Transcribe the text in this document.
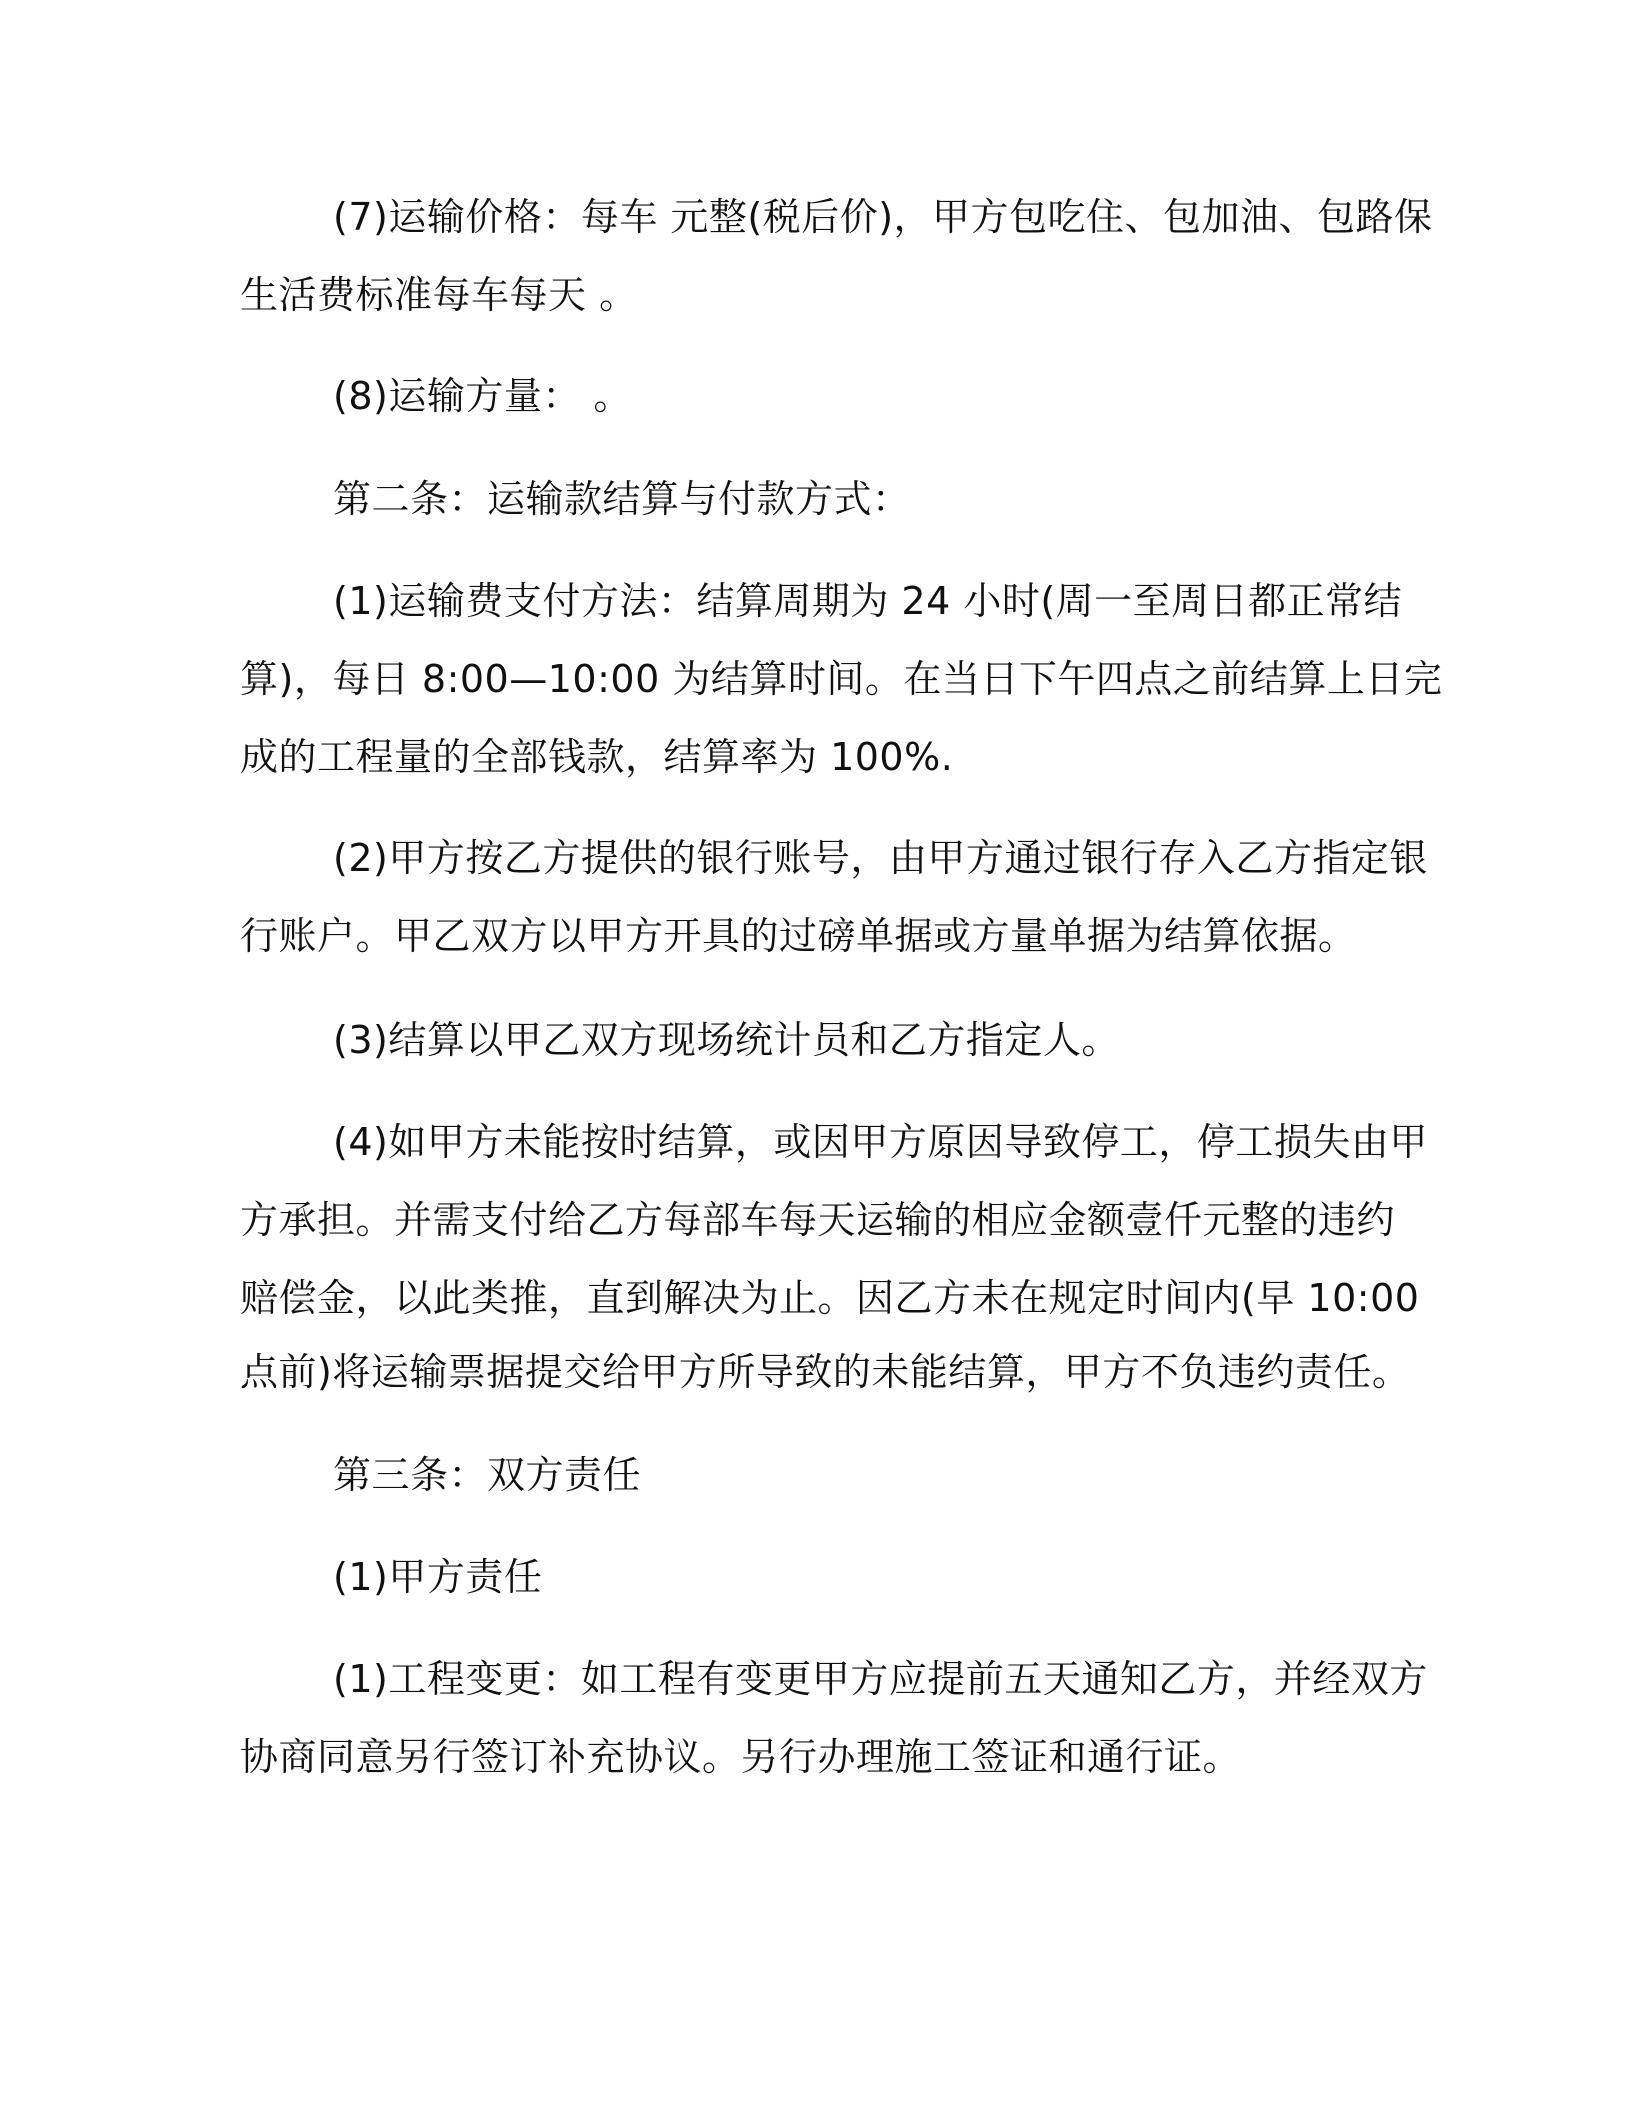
(7)运输价格：每车 元整(税后价)，甲方包吃住、包加油、包路保
生活费标准每车每天 。
(8)运输方量： 。
第二条：运输款结算与付款方式：
(1)运输费支付方法：结算周期为 24 小时(周一至周日都正常结
算)，每日 8:00—10:00 为结算时间。在当日下午四点之前结算上日完
成的工程量的全部钱款，结算率为 100%.
(2)甲方按乙方提供的银行账号，由甲方通过银行存入乙方指定银
行账户。甲乙双方以甲方开具的过磅单据或方量单据为结算依据。
(3)结算以甲乙双方现场统计员和乙方指定人。
(4)如甲方未能按时结算，或因甲方原因导致停工，停工损失由甲
方承担。并需支付给乙方每部车每天运输的相应金额壹仟元整的违约
赔偿金，以此类推，直到解决为止。因乙方未在规定时间内(早 10:00
点前)将运输票据提交给甲方所导致的未能结算，甲方不负违约责任。
第三条：双方责任
(1)甲方责任
(1)工程变更：如工程有变更甲方应提前五天通知乙方，并经双方
协商同意另行签订补充协议。另行办理施工签证和通行证。
